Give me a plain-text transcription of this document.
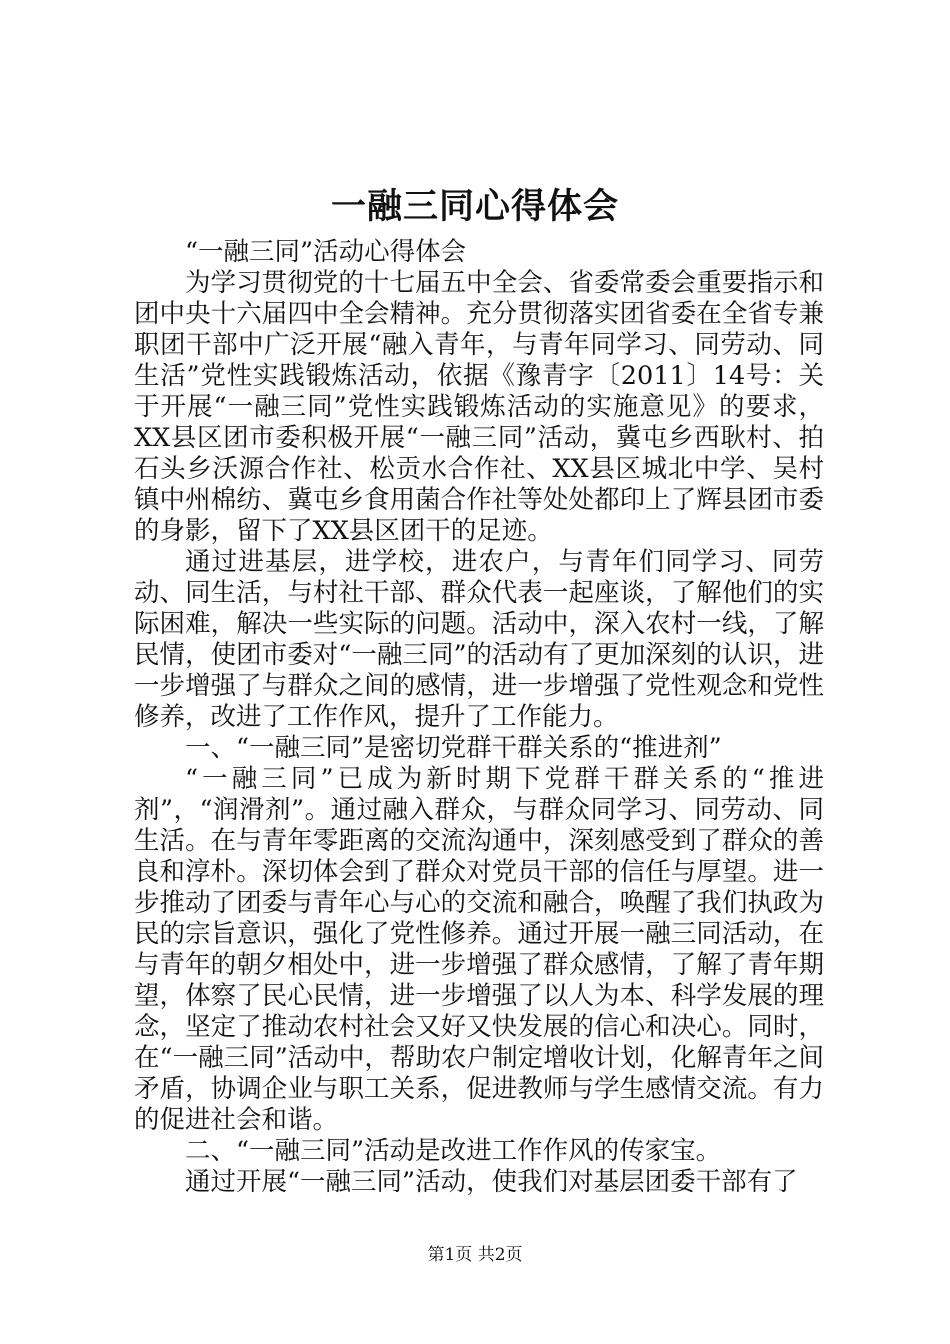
一融三同心得体会

“一融三同”活动心得体会

为学习贯彻党的十七届五中全会、省委常委会重要指示和团中央十六届四中全会精神。充分贯彻落实团省委在全省专兼职团干部中广泛开展“融入青年，与青年同学习、同劳动、同生活”党性实践锻炼活动，依据《豫青字〔2011〕14号：关于开展“一融三同”党性实践锻炼活动的实施意见》的要求，XX县区团市委积极开展“一融三同”活动，冀屯乡西耿村、拍石头乡沃源合作社、松贡水合作社、XX县区城北中学、吴村镇中州棉纺、冀屯乡食用菌合作社等处处都印上了辉县团市委的身影，留下了XX县区团干的足迹。

通过进基层，进学校，进农户，与青年们同学习、同劳动、同生活，与村社干部、群众代表一起座谈，了解他们的实际困难，解决一些实际的问题。活动中，深入农村一线，了解民情，使团市委对“一融三同”的活动有了更加深刻的认识，进一步增强了与群众之间的感情，进一步增强了党性观念和党性修养，改进了工作作风，提升了工作能力。

一、“一融三同”是密切党群干群关系的“推进剂”

“一融三同”已成为新时期下党群干群关系的“推进剂”，“润滑剂”。通过融入群众，与群众同学习、同劳动、同生活。在与青年零距离的交流沟通中，深刻感受到了群众的善良和淳朴。深切体会到了群众对党员干部的信任与厚望。进一步推动了团委与青年心与心的交流和融合，唤醒了我们执政为民的宗旨意识，强化了党性修养。通过开展一融三同活动，在与青年的朝夕相处中，进一步增强了群众感情，了解了青年期望，体察了民心民情，进一步增强了以人为本、科学发展的理念，坚定了推动农村社会又好又快发展的信心和决心。同时，在“一融三同”活动中，帮助农户制定增收计划，化解青年之间矛盾，协调企业与职工关系，促进教师与学生感情交流。有力的促进社会和谐。

二、“一融三同”活动是改进工作作风的传家宝。

通过开展“一融三同”活动，使我们对基层团委干部有了

第1页 共2页
